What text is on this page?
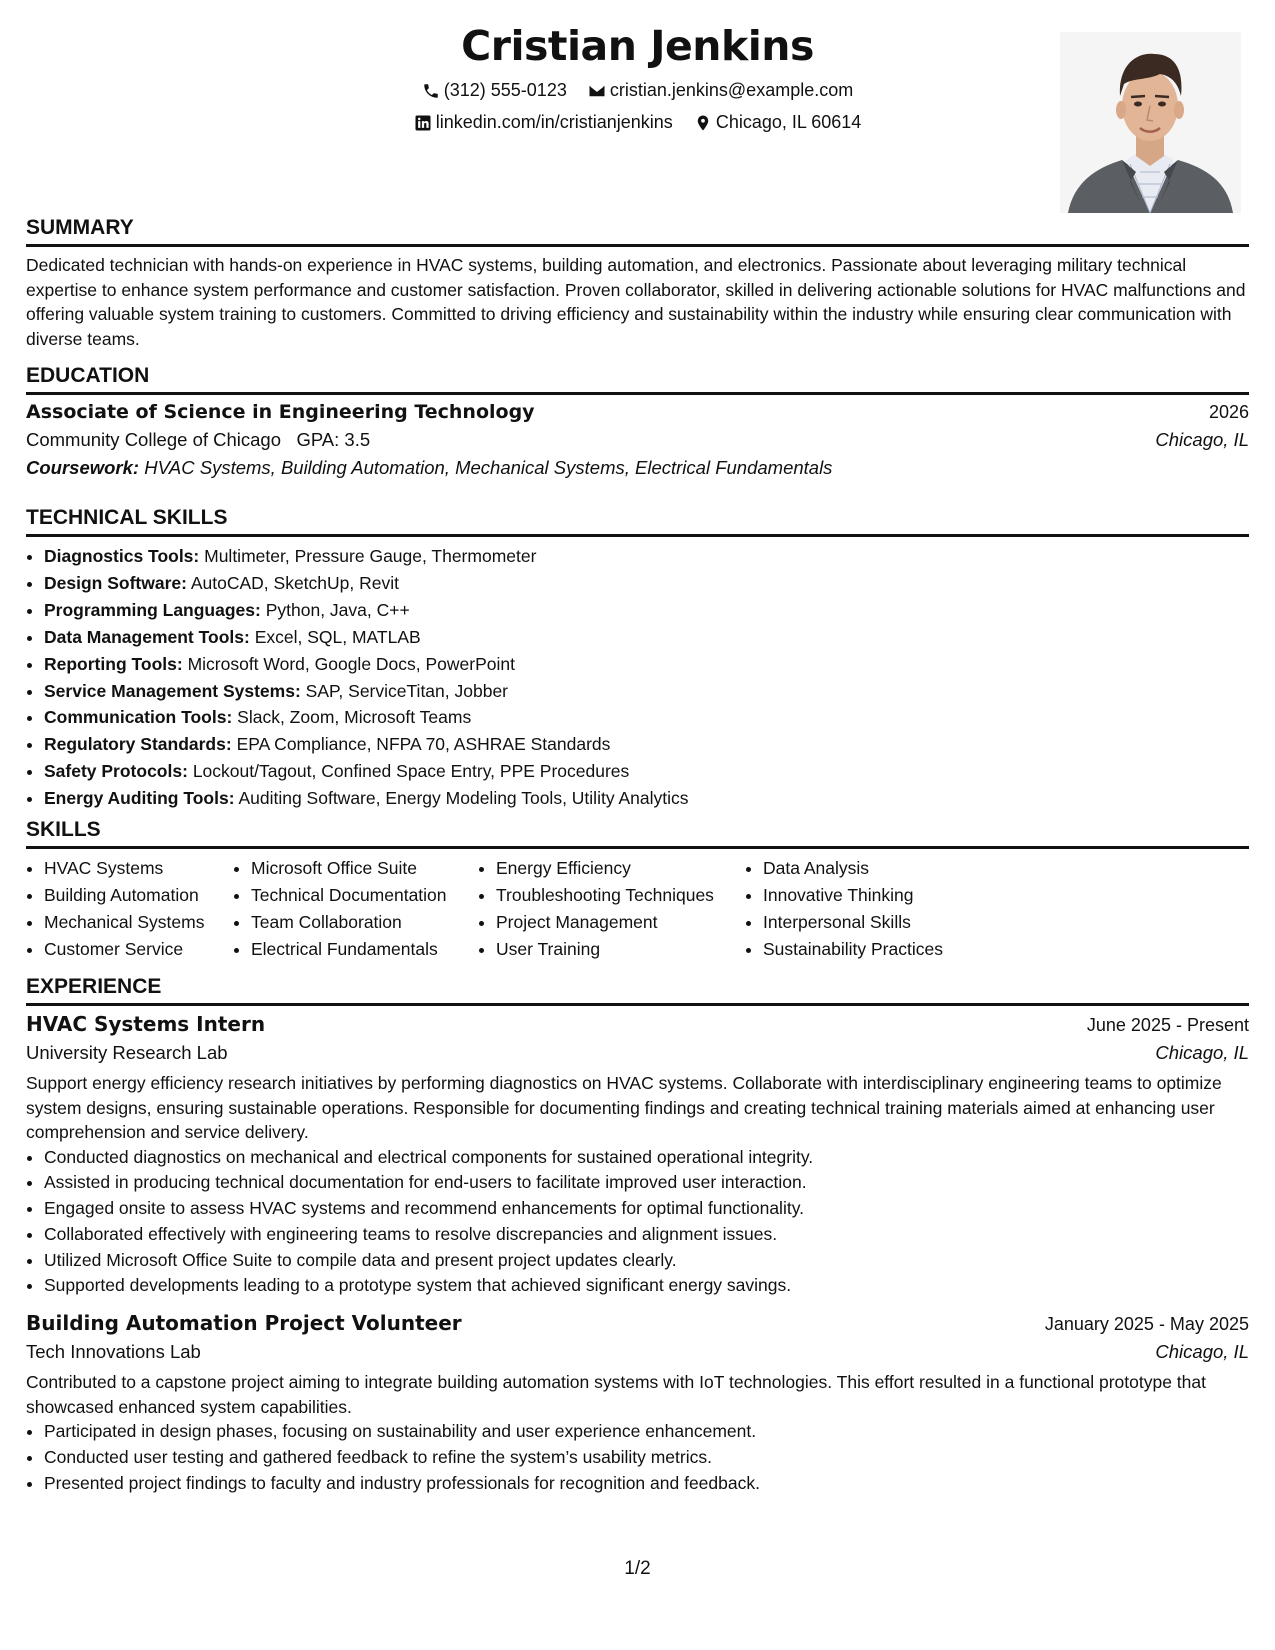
Cristian Jenkins
(312) 555-0123
cristian.jenkins@example.com
linkedin.com/in/cristianjenkins
Chicago, IL 60614
SUMMARY
Dedicated technician with hands-on experience in HVAC systems, building automation, and electronics. Passionate about leveraging military technical expertise to enhance system performance and customer satisfaction. Proven collaborator, skilled in delivering actionable solutions for HVAC malfunctions and offering valuable system training to customers. Committed to driving efficiency and sustainability within the industry while ensuring clear communication with diverse teams.
EDUCATION
Associate of Science in Engineering Technology	2026
Community College of Chicago GPA: 3.5	Chicago, IL
Coursework: HVAC Systems, Building Automation, Mechanical Systems, Electrical Fundamentals
TECHNICAL SKILLS
• Diagnostics Tools: Multimeter, Pressure Gauge, Thermometer
• Design Software: AutoCAD, SketchUp, Revit
• Programming Languages: Python, Java, C++
• Data Management Tools: Excel, SQL, MATLAB
• Reporting Tools: Microsoft Word, Google Docs, PowerPoint
• Service Management Systems: SAP, ServiceTitan, Jobber
• Communication Tools: Slack, Zoom, Microsoft Teams
• Regulatory Standards: EPA Compliance, NFPA 70, ASHRAE Standards
• Safety Protocols: Lockout/Tagout, Confined Space Entry, PPE Procedures
• Energy Auditing Tools: Auditing Software, Energy Modeling Tools, Utility Analytics
SKILLS
• HVAC Systems
• Building Automation
• Mechanical Systems
• Customer Service
• Microsoft Office Suite
• Technical Documentation
• Team Collaboration
• Electrical Fundamentals
• Energy Efficiency
• Troubleshooting Techniques
• Project Management
• User Training
• Data Analysis
• Innovative Thinking
• Interpersonal Skills
• Sustainability Practices
EXPERIENCE
HVAC Systems Intern	June 2025 - Present
University Research Lab	Chicago, IL
Support energy efficiency research initiatives by performing diagnostics on HVAC systems. Collaborate with interdisciplinary engineering teams to optimize system designs, ensuring sustainable operations. Responsible for documenting findings and creating technical training materials aimed at enhancing user comprehension and service delivery.
• Conducted diagnostics on mechanical and electrical components for sustained operational integrity.
• Assisted in producing technical documentation for end-users to facilitate improved user interaction.
• Engaged onsite to assess HVAC systems and recommend enhancements for optimal functionality.
• Collaborated effectively with engineering teams to resolve discrepancies and alignment issues.
• Utilized Microsoft Office Suite to compile data and present project updates clearly.
• Supported developments leading to a prototype system that achieved significant energy savings.
Building Automation Project Volunteer	January 2025 - May 2025
Tech Innovations Lab	Chicago, IL
Contributed to a capstone project aiming to integrate building automation systems with IoT technologies. This effort resulted in a functional prototype that showcased enhanced system capabilities.
• Participated in design phases, focusing on sustainability and user experience enhancement.
• Conducted user testing and gathered feedback to refine the system’s usability metrics.
• Presented project findings to faculty and industry professionals for recognition and feedback.
1/2
